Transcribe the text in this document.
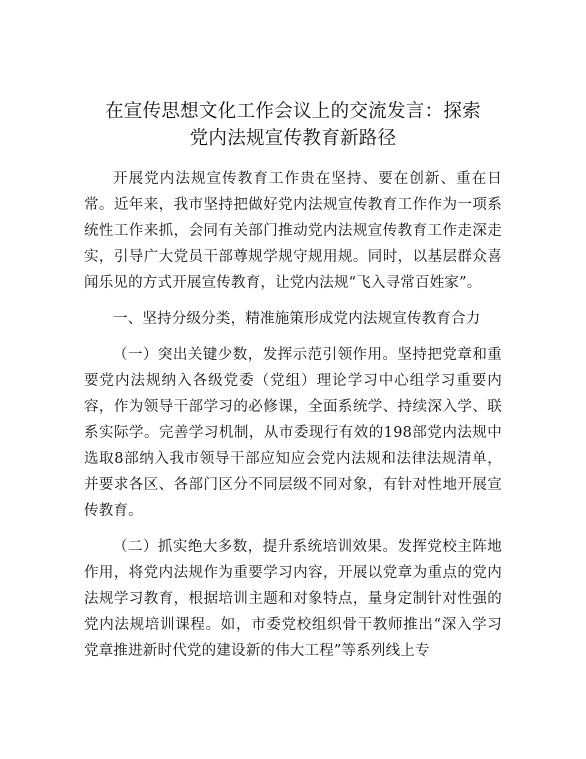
在宣传思想文化工作会议上的交流发言：探索
党内法规宣传教育新路径

开展党内法规宣传教育工作贵在坚持、要在创新、重在日常。近年来，我市坚持把做好党内法规宣传教育工作作为一项系统性工作来抓，会同有关部门推动党内法规宣传教育工作走深走实，引导广大党员干部尊规学规守规用规。同时，以基层群众喜闻乐见的方式开展宣传教育，让党内法规“飞入寻常百姓家”。

一、坚持分级分类，精准施策形成党内法规宣传教育合力

（一）突出关键少数，发挥示范引领作用。坚持把党章和重要党内法规纳入各级党委（党组）理论学习中心组学习重要内容，作为领导干部学习的必修课，全面系统学、持续深入学、联系实际学。完善学习机制，从市委现行有效的198部党内法规中选取8部纳入我市领导干部应知应会党内法规和法律法规清单，并要求各区、各部门区分不同层级不同对象，有针对性地开展宣传教育。

（二）抓实绝大多数，提升系统培训效果。发挥党校主阵地作用，将党内法规作为重要学习内容，开展以党章为重点的党内法规学习教育，根据培训主题和对象特点，量身定制针对性强的党内法规培训课程。如，市委党校组织骨干教师推出“深入学习党章推进新时代党的建设新的伟大工程”等系列线上专
